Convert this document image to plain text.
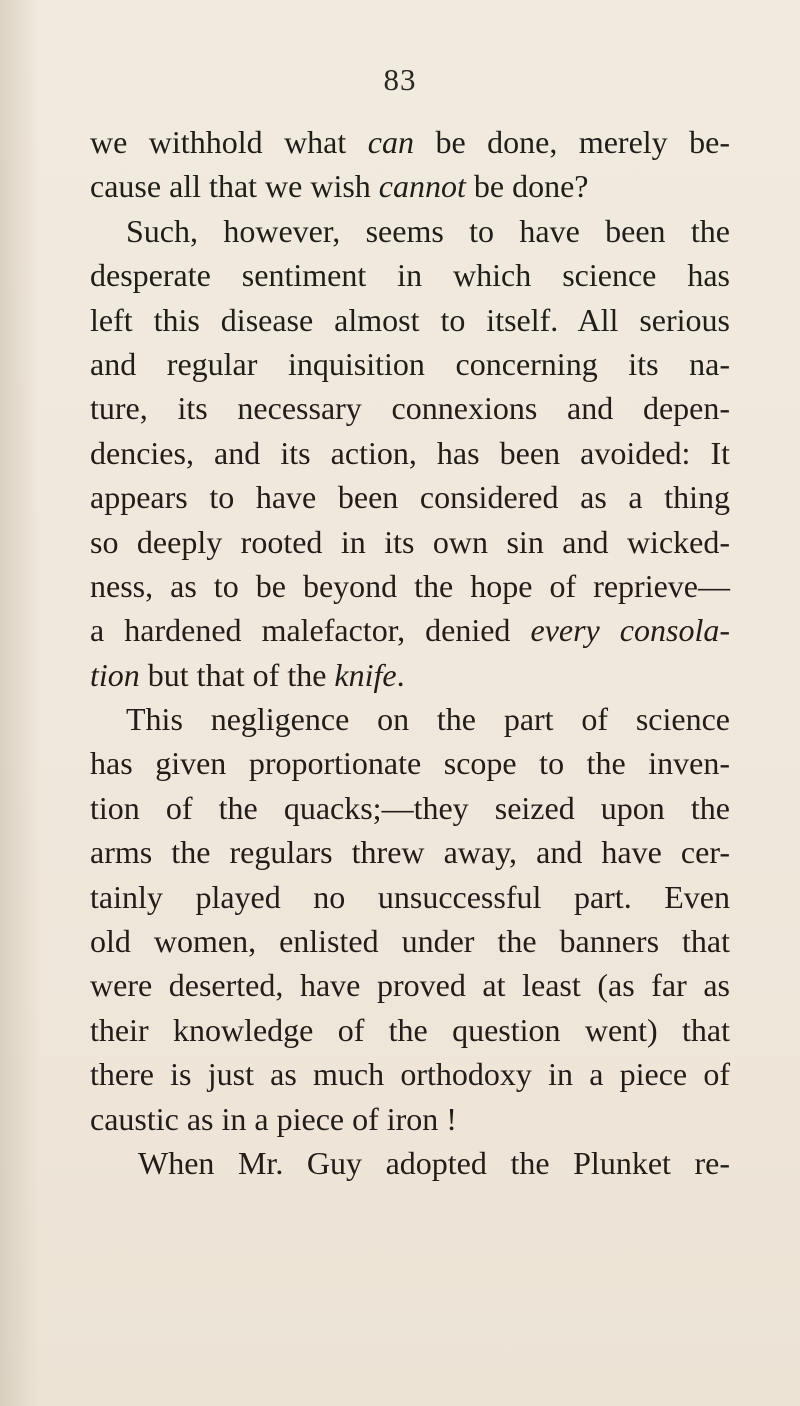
83
we withhold what can be done, merely be-
cause all that we wish cannot be done?
Such, however, seems to have been the
desperate sentiment in which science has
left this disease almost to itself. All serious
and regular inquisition concerning its na-
ture, its necessary connexions and depen-
dencies, and its action, has been avoided: It
appears to have been considered as a thing
so deeply rooted in its own sin and wicked-
ness, as to be beyond the hope of reprieve—
a hardened malefactor, denied every consola-
tion but that of the knife.
This negligence on the part of science
has given proportionate scope to the inven-
tion of the quacks;—they seized upon the
arms the regulars threw away, and have cer-
tainly played no unsuccessful part. Even
old women, enlisted under the banners that
were deserted, have proved at least (as far as
their knowledge of the question went) that
there is just as much orthodoxy in a piece of
caustic as in a piece of iron !
When Mr. Guy adopted the Plunket re-
